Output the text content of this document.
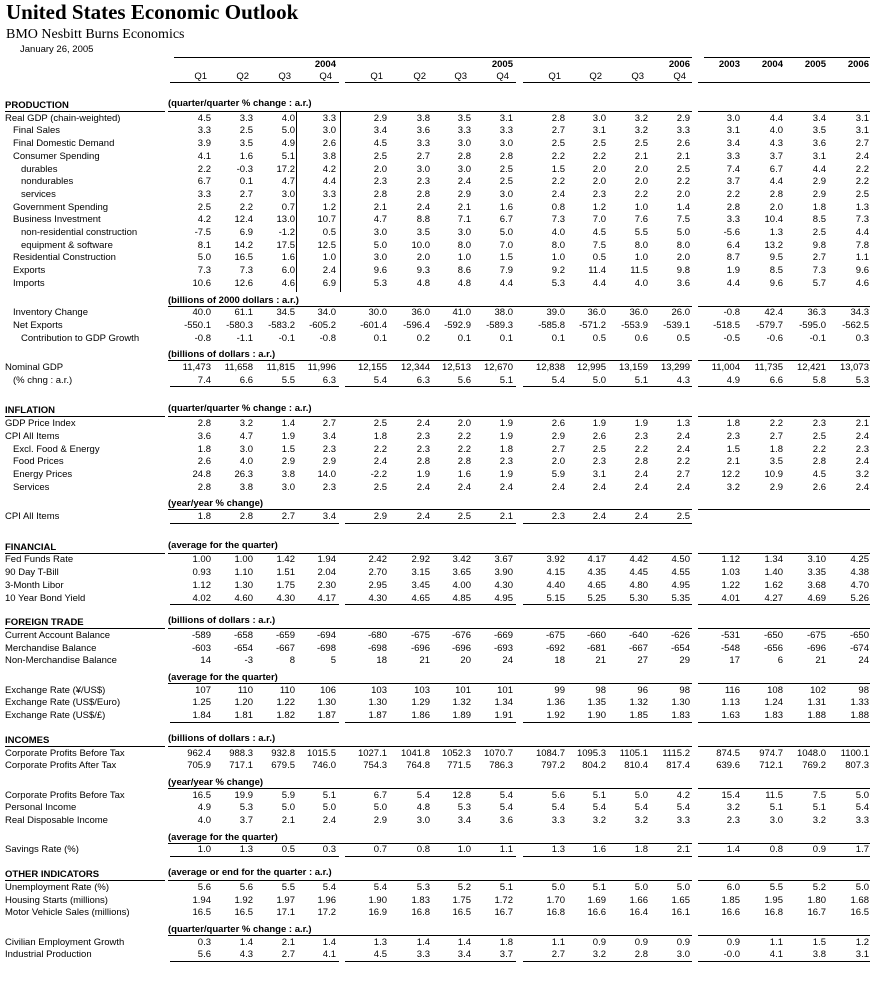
United States Economic Outlook
BMO Nesbitt Burns Economics
January 26, 2005
2004	2005	2006	2003	2004	2005	2006
Q1	Q2	Q3	Q4	Q1	Q2	Q3	Q4	Q1	Q2	Q3	Q4
PRODUCTION	(quarter/quarter % change : a.r.)
Real GDP (chain-weighted)	4.5	3.3	4.0	3.3	2.9	3.8	3.5	3.1	2.8	3.0	3.2	2.9	3.0	4.4	3.4	3.1
Final Sales	3.3	2.5	5.0	3.0	3.4	3.6	3.3	3.3	2.7	3.1	3.2	3.3	3.1	4.0	3.5	3.1
Final Domestic Demand	3.9	3.5	4.9	2.6	4.5	3.3	3.0	3.0	2.5	2.5	2.5	2.6	3.4	4.3	3.6	2.7
Consumer Spending	4.1	1.6	5.1	3.8	2.5	2.7	2.8	2.8	2.2	2.2	2.1	2.1	3.3	3.7	3.1	2.4
durables	2.2	-0.3	17.2	4.2	2.0	3.0	3.0	2.5	1.5	2.0	2.0	2.5	7.4	6.7	4.4	2.2
nondurables	6.7	0.1	4.7	4.4	2.3	2.3	2.4	2.5	2.2	2.0	2.0	2.2	3.7	4.4	2.9	2.2
services	3.3	2.7	3.0	3.3	2.8	2.8	2.9	3.0	2.4	2.3	2.2	2.0	2.2	2.8	2.9	2.5
Government Spending	2.5	2.2	0.7	1.2	2.1	2.4	2.1	1.6	0.8	1.2	1.0	1.4	2.8	2.0	1.8	1.3
Business Investment	4.2	12.4	13.0	10.7	4.7	8.8	7.1	6.7	7.3	7.0	7.6	7.5	3.3	10.4	8.5	7.3
non-residential construction	-7.5	6.9	-1.2	0.5	3.0	3.5	3.0	5.0	4.0	4.5	5.5	5.0	-5.6	1.3	2.5	4.4
equipment & software	8.1	14.2	17.5	12.5	5.0	10.0	8.0	7.0	8.0	7.5	8.0	8.0	6.4	13.2	9.8	7.8
Residential Construction	5.0	16.5	1.6	1.0	3.0	2.0	1.0	1.5	1.0	0.5	1.0	2.0	8.7	9.5	2.7	1.1
Exports	7.3	7.3	6.0	2.4	9.6	9.3	8.6	7.9	9.2	11.4	11.5	9.8	1.9	8.5	7.3	9.6
Imports	10.6	12.6	4.6	6.9	5.3	4.8	4.8	4.4	5.3	4.4	4.0	3.6	4.4	9.6	5.7	4.6
(billions of 2000 dollars : a.r.)
Inventory Change	40.0	61.1	34.5	34.0	30.0	36.0	41.0	38.0	39.0	36.0	36.0	26.0	-0.8	42.4	36.3	34.3
Net Exports	-550.1	-580.3	-583.2	-605.2	-601.4	-596.4	-592.9	-589.3	-585.8	-571.2	-553.9	-539.1	-518.5	-579.7	-595.0	-562.5
Contribution to GDP Growth	-0.8	-1.1	-0.1	-0.8	0.1	0.2	0.1	0.1	0.1	0.5	0.6	0.5	-0.5	-0.6	-0.1	0.3
(billions of dollars : a.r.)
Nominal GDP	11,473	11,658	11,815	11,996	12,155	12,344	12,513	12,670	12,838	12,995	13,159	13,299	11,004	11,735	12,421	13,073
(% chng : a.r.)	7.4	6.6	5.5	6.3	5.4	6.3	5.6	5.1	5.4	5.0	5.1	4.3	4.9	6.6	5.8	5.3
INFLATION	(quarter/quarter % change : a.r.)
GDP Price Index	2.8	3.2	1.4	2.7	2.5	2.4	2.0	1.9	2.6	1.9	1.9	1.3	1.8	2.2	2.3	2.1
CPI All Items	3.6	4.7	1.9	3.4	1.8	2.3	2.2	1.9	2.9	2.6	2.3	2.4	2.3	2.7	2.5	2.4
Excl. Food & Energy	1.8	3.0	1.5	2.3	2.2	2.3	2.2	1.8	2.7	2.5	2.2	2.4	1.5	1.8	2.2	2.3
Food Prices	2.6	4.0	2.9	2.9	2.4	2.8	2.8	2.3	2.0	2.3	2.8	2.2	2.1	3.5	2.8	2.4
Energy Prices	24.8	26.3	3.8	14.0	-2.2	1.9	1.6	1.9	5.9	3.1	2.4	2.7	12.2	10.9	4.5	3.2
Services	2.8	3.8	3.0	2.3	2.5	2.4	2.4	2.4	2.4	2.4	2.4	2.4	3.2	2.9	2.6	2.4
(year/year % change)
CPI All Items	1.8	2.8	2.7	3.4	2.9	2.4	2.5	2.1	2.3	2.4	2.4	2.5
FINANCIAL	(average for the quarter)
Fed Funds Rate	1.00	1.00	1.42	1.94	2.42	2.92	3.42	3.67	3.92	4.17	4.42	4.50	1.12	1.34	3.10	4.25
90 Day T-Bill	0.93	1.10	1.51	2.04	2.70	3.15	3.65	3.90	4.15	4.35	4.45	4.55	1.03	1.40	3.35	4.38
3-Month Libor	1.12	1.30	1.75	2.30	2.95	3.45	4.00	4.30	4.40	4.65	4.80	4.95	1.22	1.62	3.68	4.70
10 Year Bond Yield	4.02	4.60	4.30	4.17	4.30	4.65	4.85	4.95	5.15	5.25	5.30	5.35	4.01	4.27	4.69	5.26
FOREIGN TRADE	(billions of dollars : a.r.)
Current Account Balance	-589	-658	-659	-694	-680	-675	-676	-669	-675	-660	-640	-626	-531	-650	-675	-650
Merchandise Balance	-603	-654	-667	-698	-698	-696	-696	-693	-692	-681	-667	-654	-548	-656	-696	-674
Non-Merchandise Balance	14	-3	8	5	18	21	20	24	18	21	27	29	17	6	21	24
(average for the quarter)
Exchange Rate (¥/US$)	107	110	110	106	103	103	101	101	99	98	96	98	116	108	102	98
Exchange Rate (US$/Euro)	1.25	1.20	1.22	1.30	1.30	1.29	1.32	1.34	1.36	1.35	1.32	1.30	1.13	1.24	1.31	1.33
Exchange Rate (US$/£)	1.84	1.81	1.82	1.87	1.87	1.86	1.89	1.91	1.92	1.90	1.85	1.83	1.63	1.83	1.88	1.88
INCOMES	(billions of dollars : a.r.)
Corporate Profits Before Tax	962.4	988.3	932.8	1015.5	1027.1	1041.8	1052.3	1070.7	1084.7	1095.3	1105.1	1115.2	874.5	974.7	1048.0	1100.1
Corporate Profits After Tax	705.9	717.1	679.5	746.0	754.3	764.8	771.5	786.3	797.2	804.2	810.4	817.4	639.6	712.1	769.2	807.3
(year/year % change)
Corporate Profits Before Tax	16.5	19.9	5.9	5.1	6.7	5.4	12.8	5.4	5.6	5.1	5.0	4.2	15.4	11.5	7.5	5.0
Personal Income	4.9	5.3	5.0	5.0	5.0	4.8	5.3	5.4	5.4	5.4	5.4	5.4	3.2	5.1	5.1	5.4
Real Disposable Income	4.0	3.7	2.1	2.4	2.9	3.0	3.4	3.6	3.3	3.2	3.2	3.3	2.3	3.0	3.2	3.3
(average for the quarter)
Savings Rate (%)	1.0	1.3	0.5	0.3	0.7	0.8	1.0	1.1	1.3	1.6	1.8	2.1	1.4	0.8	0.9	1.7
OTHER INDICATORS	(average or end for the quarter : a.r.)
Unemployment Rate (%)	5.6	5.6	5.5	5.4	5.4	5.3	5.2	5.1	5.0	5.1	5.0	5.0	6.0	5.5	5.2	5.0
Housing Starts (millions)	1.94	1.92	1.97	1.96	1.90	1.83	1.75	1.72	1.70	1.69	1.66	1.65	1.85	1.95	1.80	1.68
Motor Vehicle Sales (millions)	16.5	16.5	17.1	17.2	16.9	16.8	16.5	16.7	16.8	16.6	16.4	16.1	16.6	16.8	16.7	16.5
(quarter/quarter % change : a.r.)
Civilian Employment Growth	0.3	1.4	2.1	1.4	1.3	1.4	1.4	1.8	1.1	0.9	0.9	0.9	0.9	1.1	1.5	1.2
Industrial Production	5.6	4.3	2.7	4.1	4.5	3.3	3.4	3.7	2.7	3.2	2.8	3.0	-0.0	4.1	3.8	3.1
